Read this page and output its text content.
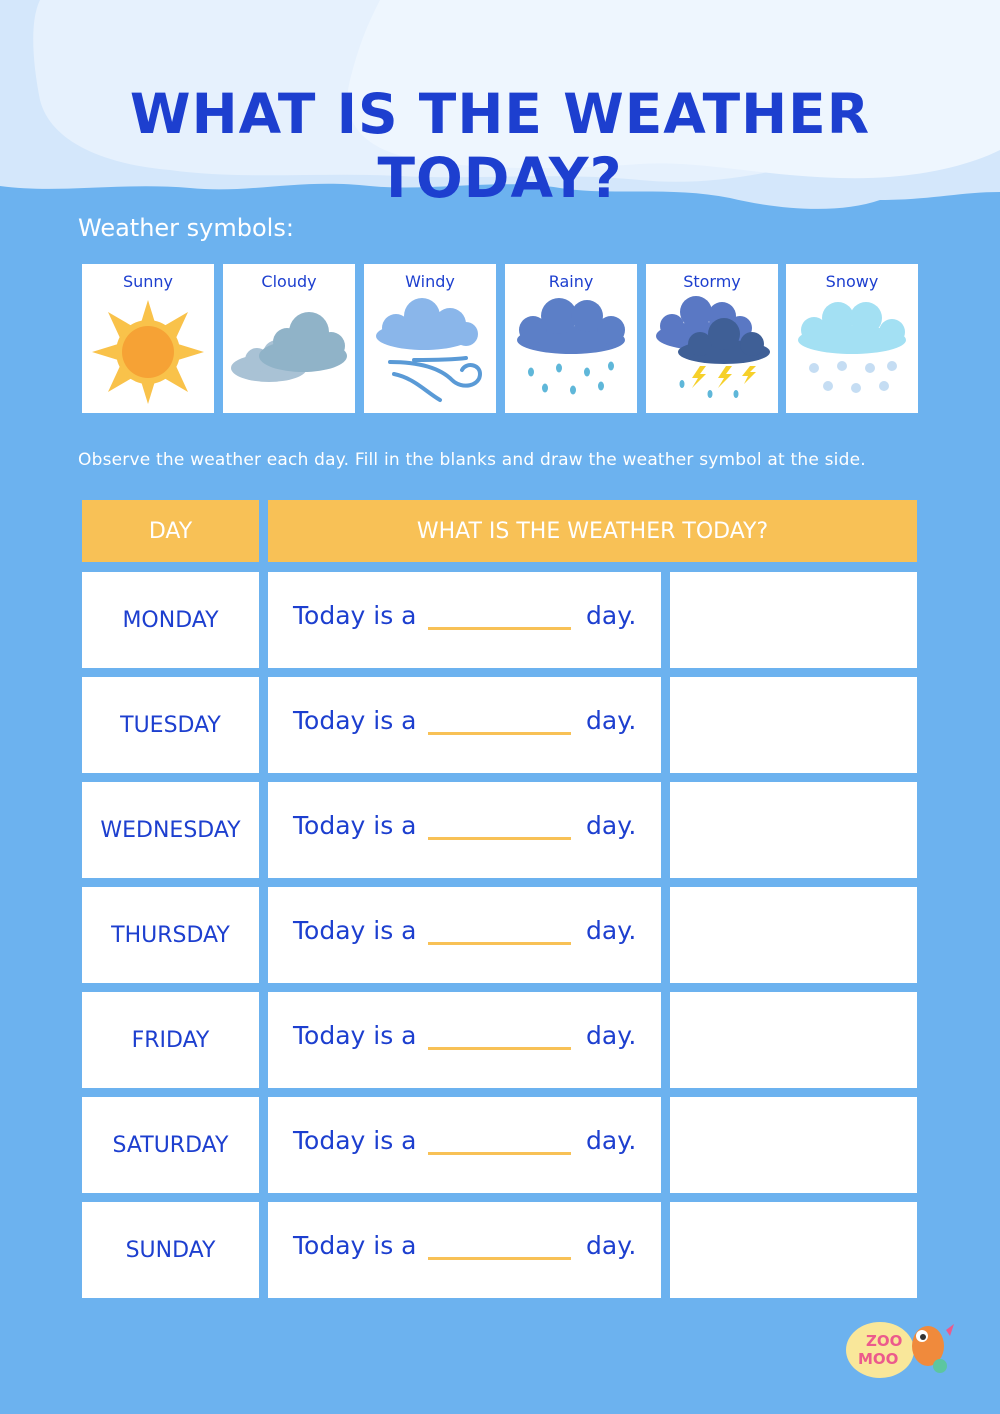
WHAT IS THE WEATHER TODAY?
Weather symbols:
Sunny	Cloudy	Windy	Rainy	Stormy	Snowy
Observe the weather each day. Fill in the blanks and draw the weather symbol at the side.
DAY	WHAT IS THE WEATHER TODAY?
MONDAY	Today is a	day.
TUESDAY	Today is a	day.
WEDNESDAY	Today is a	day.
THURSDAY	Today is a	day.
FRIDAY	Today is a	day.
SATURDAY	Today is a	day.
SUNDAY	Today is a	day.
ZOO
MOO
